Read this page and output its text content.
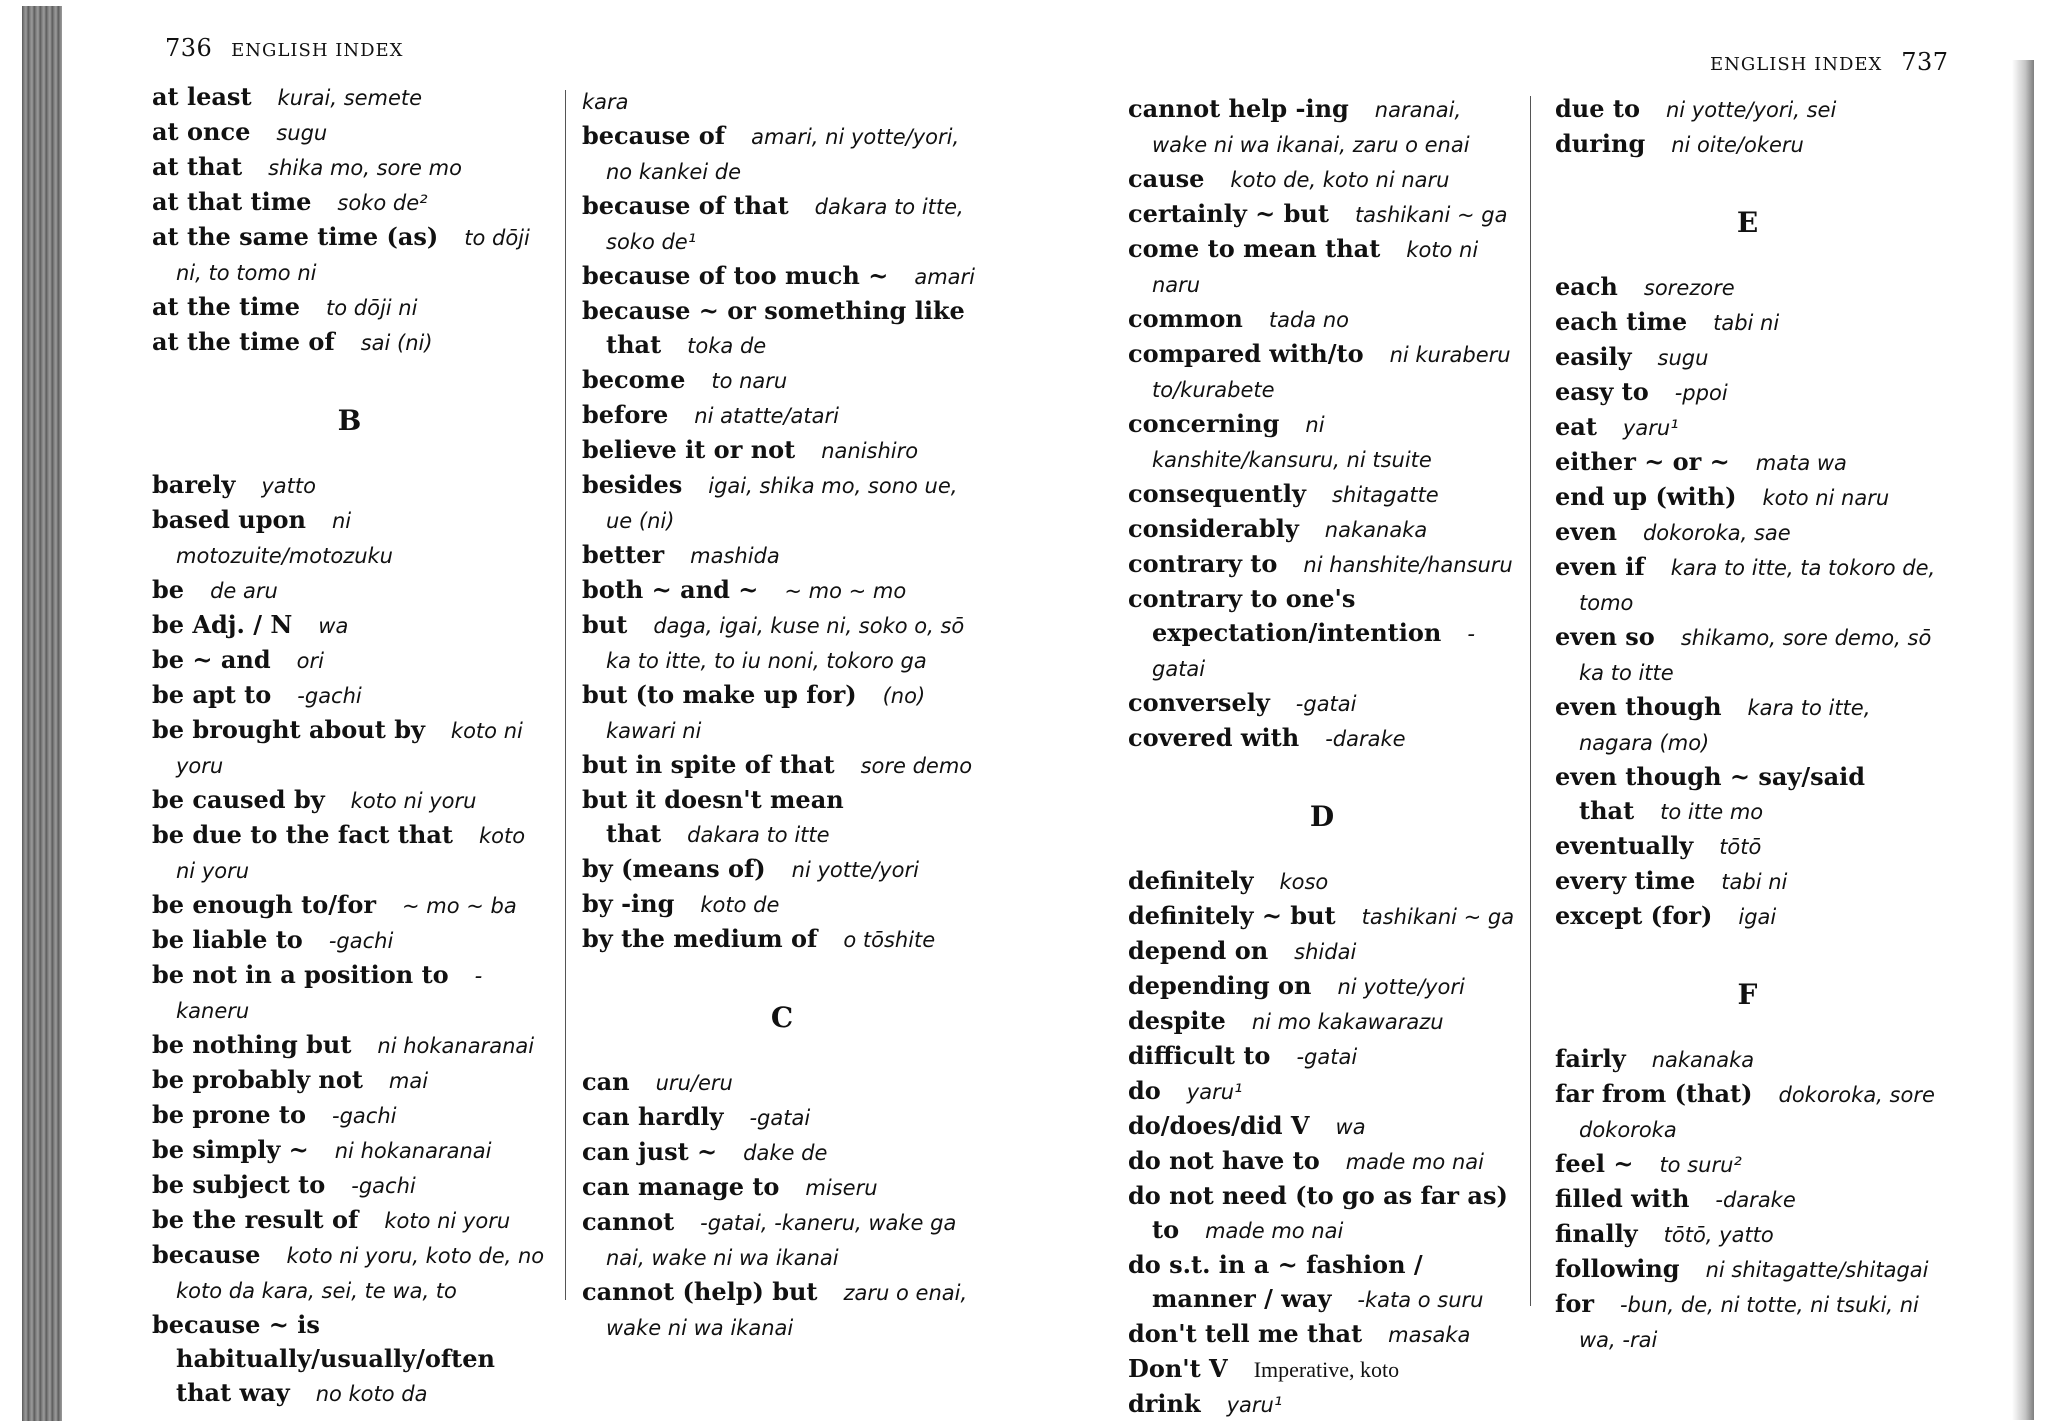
736 ENGLISH INDEX
ENGLISH INDEX 737

at least kurai, semete

at once sugu

at that shika mo, sore mo

at that time soko de²

at the same time (as) to dōji ni, to tomo ni

at the time to dōji ni

at the time of sai (ni)

B

barely yatto

based upon ni motozuite/motozuku

be de aru

be Adj. / N wa

be ~ and ori

be apt to -gachi

be brought about by koto ni yoru

be caused by koto ni yoru

be due to the fact that koto ni yoru

be enough to/for ~ mo ~ ba

be liable to -gachi

be not in a position to -kaneru

be nothing but ni hokanaranai

be probably not mai

be prone to -gachi

be simply ~ ni hokanaranai

be subject to -gachi

be the result of koto ni yoru

because koto ni yoru, koto de, no koto da kara, sei, te wa, to

because ~ is habitually/usually/often that way no koto da

kara

because of amari, ni yotte/yori, no kankei de

because of that dakara to itte, soko de¹

because of too much ~ amari

because ~ or something like that toka de

become to naru

before ni atatte/atari

believe it or not nanishiro

besides igai, shika mo, sono ue, ue (ni)

better mashida

both ~ and ~ ~ mo ~ mo

but daga, igai, kuse ni, soko o, sō ka to itte, to iu noni, tokoro ga

but (to make up for) (no) kawari ni

but in spite of that sore demo

but it doesn't mean that dakara to itte

by (means of) ni yotte/yori

by -ing koto de

by the medium of o tōshite

C

can uru/eru

can hardly -gatai

can just ~ dake de

can manage to miseru

cannot -gatai, -kaneru, wake ga nai, wake ni wa ikanai

cannot (help) but zaru o enai, wake ni wa ikanai

cannot help -ing naranai, wake ni wa ikanai, zaru o enai

cause koto de, koto ni naru

certainly ~ but tashikani ~ ga

come to mean that koto ni naru

common tada no

compared with/to ni kuraberu to/kurabete

concerning ni kanshite/kansuru, ni tsuite

consequently shitagatte

considerably nakanaka

contrary to ni hanshite/hansuru

contrary to one's expectation/intention -gatai

conversely -gatai

covered with -darake

D

definitely koso

definitely ~ but tashikani ~ ga

depend on shidai

depending on ni yotte/yori

despite ni mo kakawarazu

difficult to -gatai

do yaru¹

do/does/did V wa

do not have to made mo nai

do not need (to go as far as) to made mo nai

do s.t. in a ~ fashion / manner / way -kata o suru

don't tell me that masaka

Don't V Imperative, koto

drink yaru¹

due to ni yotte/yori, sei

during ni oite/okeru

E

each sorezore

each time tabi ni

easily sugu

easy to -ppoi

eat yaru¹

either ~ or ~ mata wa

end up (with) koto ni naru

even dokoroka, sae

even if kara to itte, ta tokoro de, tomo

even so shikamo, sore demo, sō ka to itte

even though kara to itte, nagara (mo)

even though ~ say/said that to itte mo

eventually tōtō

every time tabi ni

except (for) igai

F

fairly nakanaka

far from (that) dokoroka, sore dokoroka

feel ~ to suru²

filled with -darake

finally tōtō, yatto

following ni shitagatte/shitagai

for -bun, de, ni totte, ni tsuki, ni wa, -rai
